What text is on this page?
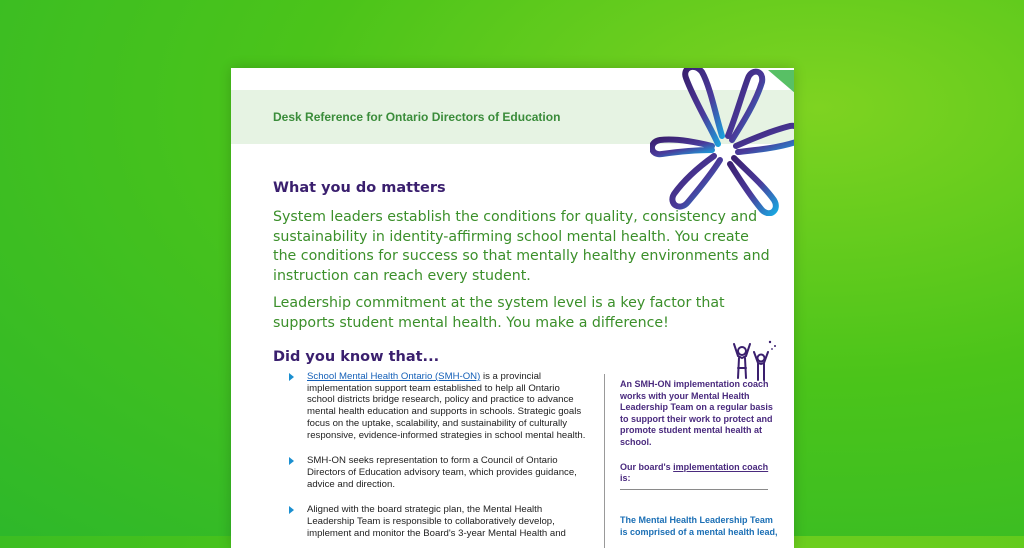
Desk Reference for Ontario Directors of Education
What you do matters
System leaders establish the conditions for quality, consistency and sustainability in identity-affirming school mental health. You create the conditions for success so that mentally healthy environments and instruction can reach every student.
Leadership commitment at the system level is a key factor that supports student mental health. You make a difference!
Did you know that...
School Mental Health Ontario (SMH-ON) is a provincial implementation support team established to help all Ontario school districts bridge research, policy and practice to advance mental health education and supports in schools. Strategic goals focus on the uptake, scalability, and sustainability of culturally responsive, evidence-informed strategies in school mental health.
SMH-ON seeks representation to form a Council of Ontario Directors of Education advisory team, which provides guidance, advice and direction.
Aligned with the board strategic plan, the Mental Health Leadership Team is responsible to collaboratively develop, implement and monitor the Board's 3-year Mental Health and

An SMH-ON implementation coach works with your Mental Health Leadership Team on a regular basis to support their work to protect and promote student mental health at school.

Our board's implementation coach is:

The Mental Health Leadership Team is comprised of a mental health lead,
